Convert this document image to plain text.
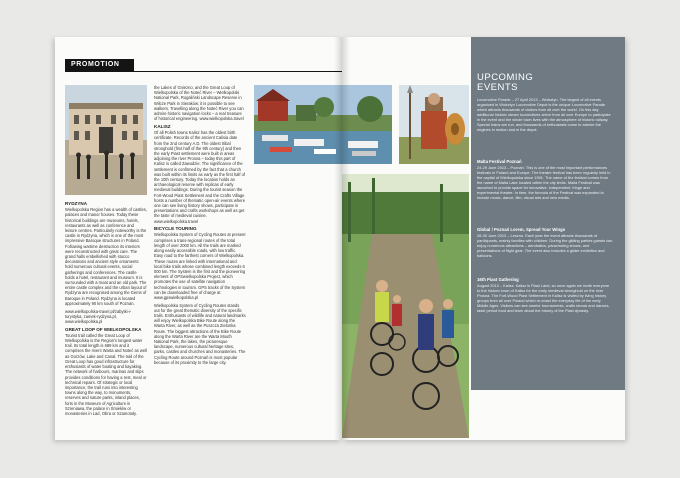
PROMOTION
RYDZYNA

Wielkopolska Region has a wealth of castles, palaces and manor houses. Today these historical buildings are museums, hotels, restaurants as well as conference and leisure centres. Particularly noteworthy is the castle in Rydzyna, which is one of the most impressive Baroque structures in Poland. Following wartime destruction its interiors were reconstructed with great care. The grand halls embellished with stucco decorations and ancient style ornaments hold numerous cultural events, social gatherings and conferences. The castle holds a hotel, restaurant and museum. It is surrounded with a moat and an old park. The entire castle complex and the urban layout of Rydzyna are recognised among the Gems of Baroque in Poland. Rydzyna is located approximately 90 km south of Poznan.

www.wielkopolska-travel.pl/zabytki-i-turystyka, zamek-rydzyna.pl, www.wielkopolska.pl

GREAT LOOP OF WIELKOPOLSKA

Tourist trail called the Great Loop of Wielkopolska is the Region's longest water trail. Its total length is 689 km and it comprises the rivers Warta and Noteć as well as Gorzów, Lake and Canal. The trail of the Great Loop has good infrastructure for enthusiasts of water boating and kayaking. The network of harbours, marinas and slips provides conditions for having a rest, meal or technical repairs. Of strategic or local importance, the trail runs into interesting towns along the way, to monuments, reserves and nature parks, inland places, forts in the Museum of Agriculture in Szreniawa, the palace in Śmiełów or monasteries in Lad, Obra or Szamotuły.

the Lakes of Gniezno, and the Great Loop of Wielkopolska of the Noteć River – Wielkopolski National Park, Rogaliński Landscape Reserve in Wilcze Park in Sieraków; it is possible to see walkers. Travelling along the Noteć River you can admire historic navigation locks – a real treasure of historical engineering. www.wielkopolska.travel

KALISZ

Of all Polish towns Kalisz has the oldest birth certificate. Records of the ancient Calisia date from the 2nd century A.D. The oldest tribal stronghold (first half of the 9th century) and then the early Piast settlement were built in areas adjoining the river Prosna – today this part of Kalisz is called Zawodzie. The significance of the settlement is confirmed by the fact that a church was built within its limits as early as the first half of the 10th century. Today the location holds an archaeological reserve with replicas of early medieval buildings. During the tourist season the Fort-Wood Piast Settlement and the Crafts Village hosts a number of thematic open-air events where one can see living history shows, participate in presentations and crafts workshops as well as get the taste of medieval cuisine. www.wielkopolska.travel

BICYCLE TOURING

Wielkopolska System of Cycling Routes at present comprises a trans-regional routes of the total length of over 2000 km. All the trails are marked along easily accessible roads, with low traffic. Easy road to the farthest corners of Wielkopolska. These routes are linked with international and local bike trails whose combined length exceeds 6 000 km. The System is the first and the pioneering element of GPSwielkopolska Project, which promotes the use of satellite navigation technologies in tourism. GPS tracks of the System can be downloaded free of charge at www.gpswielkopolska.pl

Wielkopolska System of Cycling Routes stands out for the great thematic diversity of the specific trails. Enthusiasts of wildlife and natural landmarks will enjoy Wielkopolska Bike Route along the Warta River, as well as the Puszcza Zielonka Route. The biggest attractions of the Bike Route along the Warta River are the Warta Mouth National Park, the lakes, the picturesque landscape, numerous cultural heritage sites, parks, castles and churches and monasteries. The Cycling Route around Poznań is most popular because of its proximity to the large city.

UPCOMING
EVENTS

Locomotive Parade – 27 April 2013 – Wolsztyn. The largest of all events organized in Wolsztyn Locomotive Depot is the unique Locomotive Parade which attracts thousands of visitors from all over the world. On this day additional historic steam locomotives arrive from all over Europe to participate in the event and the whole town lives with the atmosphere of historic railway. Special trains are run, and thousands of enthusiasts come to admire the engines in motion and in the depot.

Malta Festival Poznań

24-29 June 2013 – Poznań. This is one of the most important performances festivals in Poland and Europe. The theatre festival has been regularly held in the capital of Wielkopolska since 1991. The name of the festival comes from the name of Malta Lake located within the city limits. Malta Festival was launched to provide space for innovative, independent, fringe and experimental theatre. In time, the formula of the Festival was expanded to include music, dance, film, visual arts and new media.

Global / Poznań Lorem, Spread Your Wings

28-30 June 2013 – Leszno. Each year the event attracts thousands of participants, mainly families with children. During the gliding parties guests can enjoy numerous attractions – aerobatics, parachuting shows, and presentations of flight gear. The event also includes a glider exhibition and balloons.

16th Piast Gathering

August 2013 – Kalisz. Kalisz is Piast Land, so once again we invite everyone to the historic town of Kalisz for the early medieval stronghold on the river Prosna. The Fort-Wood Piast Settlement in Kalisz is visited by living history groups from all over Poland which re-enact the everyday life of the early Middle Ages. Visitors can see warrior tournaments, crafts shows and dances, taste period food and learn about the history of the Piast dynasty.
